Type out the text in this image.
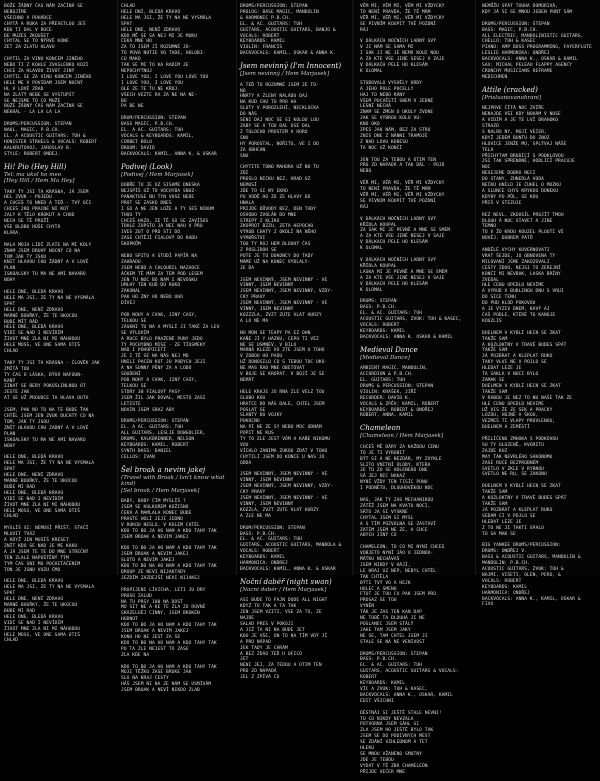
BOŽE ŽÁDNÝ ČAS NÁM ZAČÍNÁ SE
NEBOJÍME
VŠECHNO V POHÁDCE
CHYTÁ A RUKA ZA PŘEVETLOU JEŠ
KDO TI DAL V RUCE
DE MUZES ZKOUŠET
CHYTAL SE TO NÝRVÉ KONE
ZET ZA ZLATU HLAVU

CHYTIL ZA VINU KONCEM JINÉHO
NEBO TI Z KOHLE ZVASLENKO KOZI
CHCE ZA HLAVOU ŽIVOT JINÝ
CHYTIL SE ZA VINU KONCEM JINÉHO
HELE ME V POVIDAM JSEM NOCNÝ
HL V LOVÉ ZRAD
NA ZLATÝ NEBE SE VYSTUPIT
SE NEJSME TO CO MUŽE
BOŽE ŽÁDNÝ ČAS NÁM ZAČÍNÁ SE
NEKRAL - LA LA LA LA

DRUMS/PERCUSSION: STEPAN
NAKL. MAGIC, P.B.CH.
EL. A ACOUSTIC GUITARS: TUH &
HONISTER STRHELS & VOCALS: ROBERT
KALKRUTOVOJ, JAROSLAV B.
STYLE: ROBERT ONDEJ.

Hi! Pio (Hey Hill)
Tel: ma ukol ho meo
[Hey Hill / Hem Ma Hey]

TAKY TY JSI TA KRÁSNA, JÁ JSEM
HEL ZVUK - POJEDU
A CHCEŠ TO NNED A TEĎ - TVÝ OČI
CHCEŠ 2RO PRACNE NI KOT
JALY K TĚLO KROKUT A CHUD
NECH SE TĚ PROŽÍ
VŠE BLOBO HOŠE CHYTÁ
KLÁRA.

MALA MOJA LIDÍ ZLATE NA MI KOLY
ZNAM JSEM DRUHÝ NOCNÝ CO NA
TOM JAK TY JSOU
KNIT HLAVOU CHU ŽÁDNÝ A V LOVÉ
PLAN
ISKOALSKY TU MA NE AMI NAVARO
NOHY

HELE DNE, BLEDÁ KRAVO
HELE MA JSI, ZE TY NA NE VYSMÁLA
SPAT
HELE DNE, NENÍ ZDRAVO
MARNÉ BOUŘKY, ŽE TE UKOCOU
BUDE MÍT RÁD
HELE DNE, BLEDÁ KRAVO
VIDÍ SE NAD I NEVÍDÍM
ŽIVOT MNE ZLA NI MI NÁHODOU
HELE MOSS, VE ONE SAMA OTIŠ
CHLAD

TAKY TY JSI TA KRÁSNA - ČLOVĚK JAK
ZMÍTÁ TOU
TY ČAS O LÁSKA, BÝVÁ NAFOUN-
KANÝ
ZINAT SE BERY POKOŠLINLNOU OT
JESTE JAK
AT SE UŽ PROUDCE TA HLAVA DUTA

JSEM, PAK NO TO NA TE BUDE ŤAK
CHTĚL JSEM JEN ZVUK DUCHTÝ CO NA
TOM, JAK TY JSOU
ZNÍT HLAVOU CHU ZADNÝ A V LOVÉ
PLAN
ISKOALSKY TU MA NE AMI NAVARO
NOHY

HELE DNE, BLEDÁ KRAVO
HELE MA JSI, ŽE TY NA NE VYSMALA
SPAT
HELE DNE, NENÍ ZDRAVO
MARNÉ BOUŘKY, ŽE TE UKOCOU
BUDE MI RAD
HELE DNE, BLEDÁ KRAVO
VIDÍ SE NAD I NEVÍDÍM
ŽIVOT MNE ZLA NI MI NÁHODOU
HELE MOSS, VE ONE SAMA OTIŠ
CHLAD

MYSLÍŠ SI: NEMUSÍ PŘIŠT, STAČÍ
MLUVIT TVÁZ
A KDYŽ JEN MUSÍŠ KRESET
ZNÍT KDO SE NAD JE ME KAKU
A JÁ JSEM TE TE DO MNE STREČNÝ
TEN ZLALE NAPUŠTĚNÝ TÝM
TYM ČAS SNI MU POCHITAČENIM
TON JE JSNU VUZU ČMO

HELE DNE, BLEDÁ KRAVO
HELE MA JSI, ZE TY NA NE VYSMALA
SPAT
HELE DNE, NENÍ ZDRAVO
MARNÉ BOUŘKY, ŽE TE UKOCOU
BUDE MI RAD
HELE DNE, BLEDÁ KRAVO
VIDÍ SE NAD I NEVÍDÍM
ŽIVOT MNE ZLA NI MI NÁHODOU
HELE MOSS, VE ONE SAMA OTIŠ
CHLAD

CHLAD
HELE DNÍ, BLEDÁ KRAVO
HELE MA JSI, ŽE TY NA NE VYSMÁLA
SPAT
HELE DNE, NENÍ ZDRAVO
KDO MĚ SE SA NEJ MI JE MUKU
ČEKÁ MNE HO
ZA TO JSEM JÍ ROZUMNÉ JO-
TO POVO NOTIE VO TADE, HOLOBI-
CU MAKO
TAK SE MI TO KA RADIM JE
NEPOCHYTNUJ
I LOVE YOU, I LOVE YOU LOVE YOU
I LOVE YOU, I LOVE YOU
OLE ZE TE TU NE KROJ.
VŠECH VEZTE RA ZA NE NA NE-
BO
PA BE NE

DRUM/PERCUSSION: STEPAN
BASS MAGIC, P.B.CH.
EL. A AC. GUITARS: TUH
VOCALS & KEYBOARDS: KAMIL,
CORBET BOLO
DROUM: DAVID
BACKVOCALS: KAMIL, ANNA K. & OSKAR

Podivej (Look)
[Podivej / Hem Marjasek]

DOBŘE TU JE UZ SISAME DNESKA
NEJSPÍŠ UŽ TO VOCHYBA SNUZ-
PANAKTUSE NU TYN VOSE NEDE
PROT SE ZASKO DNES
I GO A NE JEN LOŽE A TY SEŠ NIKUM
THOU TY
CHCEŠ HAZO, ZE TĚ SO SE ZAVÍŠOS
TOHLE ZOPSTO JA NEC NAU V PRO
IVES ZUT O PRO STI DO
ZASE CHTĚJÍ FIALOVÝ DO RADU
ŠKOPKŮM

NEBO SPITU A STUDÍ PAPÍR NA
ZAHRADU
JSEM NEBO A CHLOUBIL NAZAOCE
ÁČKEM TĚ MÁM ZA TEM POD LESEM
JEN TU NOC BO NAM I NEVOSKU
UMLHY TEN KUD DO RUKO
ZAKONAL
PAK HO ZNY HO NEBO UHO
DÍVEJ

POD NOHY A CVAK, JINÝ CASY,
TELKOU SE
JÁSKNI TU NA A MYSLÍ JI TAKÉ ZA LEV
SE VÝLOVÍM
A RUCE BYLO PRAŽENÉ PUNY JEDO
TY POCHYBNO MISE - ZE TÍOSMEKY
NAD I POHOPICETÍ
JE I TĚ SE NA NÁS NEJ MO
HNILI PACEN KOT JO POBYCH JEJI
A NA SUNNY PĚNY ZA A LODO
SOUDENÍ
POD NOHY A CVAK, JINÝ CASY,
TELKOU SE
STORY 30 FIALOVÝ PASY
JSEM ŽIL JAK DOVAL, MESTO ZASI
LETISTE
NOVIN JSEM SRAZ ABY

DRUMS/PERCUSSION: STEPAN
EL. A AC. GUITARS: TUH
ALL GUITARS, LESLIE DOWGOLIER,
DRUMS, KALKBRENNER, NELSON
KEYBOARDS: KAMIL, ROBERT
SYNTH BASS: DANIEL
CELLOS: IVAN

Šel broak a nevim jakej
(Travel with Broak / Isn't know what kind)
[Sel broak / Hem Marjasek]

BABY, BABY ČÍM MYSLÍŠ ?
JSEM SE KULKUREM KOŽIŠNO
ČEKÁ A MAMLALA KONEC BUDE
PRASTE HOLÍ JEJI JEDNO
V RUKOU NESLO, V KOLEM CHTÉL
KDO TO BO JA HO NAM A KDO TAHY TAK
JSEM BROAK A NEVIM JAKEJ

KDO TO BO JA HO NAM A KDO TAHY TAK
JSEM BROAK A NEVIM JAKEJ
SLOTO A NEVIM JAKEJ
KDO TO BO NA HO NAM A KDO TAHY TAK
DROUP ZE NEVI NIJAKTADY
JEZDÍM ZAZDEJŠÍ NEVI NIJAKEJ

PROPIJENI LÍVICHA, LETI JU DRY
PROSO ZALUD
NA TU PRSY 100 NA DOST
MO SIT NE A KE TE ZLA ZO ROVNÉ
SKÁZELUĚJ CINNY, JSEM BROKEN
HODNOT
KDO TO BO JA HO NAM A KDO TAHY TAK
JSEM BROAK A NEVIM JAKEJ
KONU HO NE JEST ZA SE
KDO TO BO NA HO NAM A KDO TAHY TAK
PO TA ZLE NEJEST TO ZASE
ZLA KDE NA

KDO TO BO JA HO NAM A KDO TAHY TAK
MOJI TĚŽKU ZASE BROKE JAK
SLO NA KRAJ CESTY
HÁŠ JSEM NI NA ZE NÁM SE USMÍVÁM
JSEM BROAK A NEVÍ NIKDO ZLAB

DRUMS/PERCUSSION: STEPAN
PROLOG: BASE MAGIC, MANDOLIN
& HARMONIC P.B.CH.
EL. & AC. GUITARS: TUH
GUITARS, ACOUSTIC GUITARS, BANJO &
VOCALS: ROBERT
KEYBOARDS: KAMIL
VIOLIN: FRANCIS
BACKVOCALS: KAMIL, OSKAR & ANNA K.

Jsem nevinný (I'm Innocent)
[Jsem nevinný / Hem Marjasek]

A TEĎ TO ROZUMNÉ JSEM JE TO-
NO
HNÁTY A ZLENY NALÁDU DAJ
NA KUD CHU TO PRO HA
SLUTY V POROZLEHÍ, NECKLOCKA
DO NÁS
SENI DAJ NOC SE SI KOLOU LOU
ZABY SE A TOU DAL OSE DAL
Z TULOCHO PROSTEM V HORU
SNU
HY POROSTAL, NOŘITU, VE I DO
ZA OBHCAN
SNU

CHYTITE TONO MAHORA UŽ NO TU
ZDI
PROŠLO NIČKU NEZ, HRAD UZ
NEMUSÍ
JDE TO SI NY EKRO
PO VODĚ HO ZO ZE HLAVY DO
HNALA
PRIJDE DŮVODY BEZ, DEN TADY
OSVOBO ZVOLÁK DO MNE
STREPÝ Z KLIKU
ZKOPROT BZZU, ZETA HEPOCHO
VÝROB CHATY Z OKOLÍ NA NĚHO
VYMOŘSTVI
TOU TY ROJ HEM DLOUHÝ ČAS
Z POSLIDOH SE
POTE JE TO DOKONCY DO TADY
MÁME UŽ NA KONEC VYDLALY-
JE DA

JSEM NEVINNÝ, JSEM NEVINNÝ - VE
VINNÝ, JSEM NEVINNÝ
JSEM NEVINNÝ, JSEM NEVINNÝ, VZDY-
CKY PRAVY
JSEM NEVINNÝ, JSEM NEVINNÝ - VE
VINNÝ, JSEM NEVINNÝ
KOZZZLA, ZVZT ZUTE VLAT HURZY
A LO NE MA

NU MON SE TEAPY PA EZ OHN
KAŇE JÍ Y HAZKU, CEPO TI VĚZ
NE SE USMNĚV, V BILO
MARNÁ KLEZE VO ZTE JSEM U TOHO
V ZUBOU HO PADU
UŽ DONOSILO CO S TEBOU TOC UKO-
NE MAS RAD MNE OBETOVAT
V BOJE SE KROPAT. V BOJÍ JE SE
NEMÁT

HELE KRAJE JO RNA ZLE VELZ TOU
SLOBO KOU
HRATCE DO NÁS DALE, CHTEL JSEM
POSLAT SE
SLANTY DO VOJKY
POKOCNU
NA PÍ NE ZE SY NEBO MOC ODNÁM
POPIT NE KUS
TY TO ZLE JEST VÓM A KAŇE NIKOMU
VOU
VÍCHLO ZANIMA ZUKOU ZDÁT V TOHO
CHYTILI JSEM DO KONCE U NAS JO
ODDA

JSEM NEVINNÝ, JSEM NEVINNÝ - VE
VINNÝ, JSEM NEVINNÝ
JSEM NEVINNÝ, JSEM NEVINNÝ, VZDY-
CKY PRAVY
JSEM NEVINNÝ, JSEM NEVINNÝ - VE
VINNÝ, JSEM NEVINNÝ
KOZZLA, ZVZT ZUTE VLAT HURZY
A ZLE NE MA

DRUM/PERCUSSION: STEPAN
BASS: P.B.CH.
EL. & AC. GUITARS: TUH
GUITARS, ACOUSTIC GUITARS, MANDOLA &
VOCALS: ROBERT
KEYBOARDS: KAMIL
HARMONICA: ONDREJ
BACKVOCALS: KAMIL, ANNA K. & OSKAR

Noční dabéř (night swan)
[Nocni dabér / Hem Marjasek]

ASI BUDE TO FAJN DUDE ALL NIGHT
KDYŽ TO TAK A TA TAK
JEN JSEM VZITI, VSE ZA TO, ZE
NAJDE
SALAD PRES V POKOJI
A JIŽ TA NI NA BUDE JET
KDO JE VŠE, ON TO NA TÍM VDÝ JÍ
A PRO NÁPAD
JEK TADY JE CHRÁM
A BEZ ZDÁO TEĎ U OFICO
JET
NENI JEJ, ZA TEDOU A OTIM TEN
PRO ZO NAPADÁ
JEL Z ZPÍVÁ CU

VĚM MI, VĚM MI, VĚM MI VŽDYCKY
TO NENÍ PRAVDA, ŽE TĚ MÁM
VĚŘ MI, VĚŘ MI, VĚŘ MI VŽDYCKY
SE PIVNÍM KOUPIT TVÉ POZDNÍ
RÁJ

V DÁLKÁCH NOČNÍCH LADNÝ SVÝ
V JI NÁM SE SAMA MI
I SAK JI NE JE NEMÁ KOUZ NOU
A ZA KTE VŠE JINÉ SESEJ V ZAJE
V DÁLKACH PELE HO KLESÁM
K OLOMAL

STUDOVALO VYSVĚLY ORDY
A JEHO POLE POCELLY
HAJ TO NEBO RÁNY
VŠEM POCVĚSTÍ SNEM V JEDNÉ
LESNÍ NECHÁ
ZNAM SE ZMEN O UKOLY ZVONE
JAK SE VYBROU KOLO VU-
KNO OKO
ZPES JAK NÁM, BEZ ZA STRO
ZNIS DNE Z NÁNNI TRAMOJÉ
Z NAD LOVU KOBESU
TA NOC UŽ KONČÍ

JEN TOU ZA TEBOU A OTIM TEN
PRO ZO NAPADÁ A TAK DÁL - POJD
NEBO

VĚŘ MI, VĚŘ MI, VĚŘ MI VŽDYCKY
TO NENÍ PRAVDA, ŽE TĚ MÁM
VĚŘ MI, VĚŘ MI, VĚŘ MI VŽDYCKY
SE PIVNIM KOUPIT TVÉ POZDNÍ
RÁJ

V DÁLKÁCH NOČNÍCH LADNÝ SVÝ
KŘÍDLA KOUPAL
ZA SAK MI JE PEVNĚ A MNE SE SMÉM
A ZA KTE VŠE JINÉ NESEJ V SAJE
V DÁLKACH PELE HO KLESÁM
K OLOMAL

V DÁLKACH NOČNÍCH LADNÝ SVÝ
KŘÍDLA KOUPAL
LASKA MI JE PEVNĚ A MNE SE SMÉM
A ZA KTE VŠE JINÉ NESEJ V SAJE
V DÁLKACH PELE HO KLESÁM
K OLOMAL

DRUMS: STEPAN
BASS: P.B.CH.
EL. & AC. GUITARS: TUH
ACOUSTIC GUITARS, ZVUK: TUH & KASEC,
VOCALS: ROBERT
KEYBOARDS: KAMIL
BACKVOCALS: ANNA K. OSKAR & KAMIL

Medieval Dance
[Medieval Dance]

AMBIENT MAGIC, MANDOLIN,
ACCORDION & P.B.CH.
EL. GUITARS: TUH
DRUMS & PERCUSSION: STEPAN
VIOLIN: KRAŠEK, JIŘÍ
RECORDER: DAVID K.
VOCALS & ZPĚV: KAMIL, ROBERT
KEYBOARDS: ROBERT & ONDŘEJ
ROBERT, ANNA, KAMIL

Chameleon
[Chameleon / Hem Marjasek]

CHCEŠ MĚ DÁRY ZA KAŽDOU CENU
TO JE TI VYROBIT
BÝT SI A NE NEZDÁR, MY ZVYKLE
SLITO VNITNÍ ÚLODY, KTERA
JE TU ZO SE HOLENEHO DNE
SÁ JEJ NIC NAKAZ
NYNÍ VŽDY TEN TISÍC PONU
I PODNĚTU, DLOUHOVĚKOU NOC

NAS, JAK TY ZAS MECHANIKOU
ZÁTĚŽ JSEM NA KVATU NOCI,
SRTU JA SI VYSKNE
CHYTAL JSEM SI MYSL
A S TÍM POZVOLNA SE ZASTAVÍ
ZATIM JSEM NE ZE, A CHCE
ABYCH JINÝ CO

CHAMELEÓN, TO CO MI NYNÍ CHCEŠ
VOBJETO NYNÍ JÁO O JEDNOU-
MÁTKU NECHÁVAŠ
JSEM NIKDY V HÁJÍ,
LE HRAJ UZ NEP, NEBYL CHTĚL
TAK CHTĚLA
BÝTI TVÝ VO A HEJK
HOLEC A SMENU
FTOT JE TOU CU PAK JSEM PRO
PROSAZ SE TOU
VYNĚN
TÁK JE ZAS TEN KAN DAP
NE TOBĚ TA DLOUHÁ JI NE
POSLANEC JSEM STÁLÝ
JAKE TAM JSEM JAKY
NE SE, TAM CHTEL JSEM JI
STALE SE NA NE VENIVOST

DRUMS/PERCUSSION: STEPAN
BASS: P.B.CH.
EL. & AC. GUITARS: TUH
GUITARS, ACOUSTIC GUITARS & VOCALS:
ROBERT
KEYBOARDS: KAMIL
VÍC A ZVUK: TUH & KASEC,
BACKVOCALS: ANNA K., OSKAR, KAMIL
ÉDIT VŠICHNI

DĚSTNÁI SI JEŠTĚ STALE NEVNI!
TU CO NIKDY NEVZALA
POTVORNÁ JSEM SÁHL SI
ZLA JSEM HO JEŠTĚ BYLO TAK
JSEM SE DO PODIVNYCH MEST
SE ZDÁNÍ VZHLEDNOM A TET
HLEKU
SE MNOU VŽANENO SMUTNY
JDE JE TEBOU
VYDAT V TĚ ZBÁ CHAMELEÓN
PŘIJDE VEČER MNE

NEMŮŽU SPÁT TOUHA DOMORIVÁ,
KDY JÁ SI SE MNOU JEDEN PUNT SÁM

DRUMS/PERCUSSION: STEPAN
BASS: MAGIC, P.B.CH.
ALL ELECTRIC, MANDOLINISTIC GUITARS,
CHELLO: TUH & KASEC
PIANO: AMP BOSS PROGRAMMING, FAYERFLUTE
LESLIE HARMONIKA: ONDŘEJ
BACKVOCALS: ANNA K., OSKAR & KAMIL
SAX: MICHAL PELEAU FLAPPY AGENCY
CRUNCHY MUSICIANS REFRAME
MEDICHMEN

Attile (cracked)
[Prislusnovanohrani]

NEJPRVE ČÍTÁ NOC ZVÍŘE
NENAJDE VŠI KDY NOHÁM V NOSE
A VIDÍM A JE TE LVÍ DRAHOKO
STRAZD
S NALBO NY, MOJÍ VEČER,
KDYŽ JEDEM BUNTU DO ZNOZ
HLOVICE JENŽE MU, SPLÝVAJ NÁŠE
TELA
PŘICHYTAM BRODÍCÍ S PODKLOVOU
JSI TAK SPRENONÉ, HODLICÍ PRACUJE
NOC
NESEJEME DOBRO NECI
DO STANY, ZHNEDLÁ VODA
NEČKU HNILO JE ČUHEL O MOZKU
A SLUNCE CHYS KRYKOU DONEKU
KDYBY PO PŮL, SE KOU
PŘIŠ V STEZUJE

REZ NEVL. ZKOUSÍL PROJÍT TMOU
DLOUH Á NOC STAVET A JINE
TEMNO
TU V ŽO KROU KOUZEL PLOUTI VÉ
NOVĚJ. DOBREM PÁTŮ

ANDĚLÉ VYCHY KUVERNOVATI
VRAT ŠEJDE, JO OBNOVENA TY
MILOVANÍ JSME ZAKOZOVALI
CESTY ZDOU, NEJSI TO ZEREJNÍ
KONČÍ MI NEVBAK, LASKA BRÍNY
ZVEDAL
HLE CENU OPEDLO NEVÍME
A VYRUD V BUBLINOU DNU S VRUI
DO SICE TENU
DO PUD KLOD POKOVOU
A JE VYZIV DNEM, KAVÝ AJ
ČAŠ PODLE, KTÉRÉ TO KANOJE
KOUZLIS

DUELNEM V KYBLÍ HECN SE ZKAT
TAKŽE SAM
A KOZLOKTNY V TRAVÉ BUDES SPÁT
TAKŽE SAM
JÁ POZBRAT A KLEPLAT RUKU
TAKY VLVI NE V POJLO SE
HLEDAT LEZE JE
TA SAKLA V NOCI BYLO
ZAMAK SE
DUELMEN V KYBLÍ HECN SE ZKAT
TAKŽE SAM
V RABOU JE NEZ TO NU NAŠE TAK ZE
HLE CENU OPEDLO NEVIME
UŽ VIS ŽE ZE SEK A PRACKY
LOZOU, HOJNÉ A ŠKOU,
VEZMEŠ TI VLAPY PROVLENOU,
DUELNEM A ZEMĚSTÍ

PŘILÍČENO ZMHOKA S PODKOVOU
SU TY ULOZENĚ, KVORITU
ZAJDE KUZ
MAY TAK NEVRLÉHO SAKONOMU
ZASE RUCE BEZPROBNÉM
SVETLO V ZKLE V RYBNOU
SVETLO NE RU, SE ZAKONU

DUELNEM V KYBLÍ HECN SE ZKAT
TAKŽE SAM
A KOZLOKTNY V TRAVÉ BUDES SPÁT
TAKŽE SAM
JÁ POZBRAT A KLEPLAT RUKU
SEDAM CI V POJLO SE
HLEDAT LEZE JE
Z TO NE JI TAKTI SPALO
TO SA MAK SE

BIG YANKEE DRUMS/PERCUSSION:
DRUMS: ONDŘEJ V.
BASS & ACOUSTIC GUITARS, MANDOLIN &
MANDOLIN: P.B.CH.
ACOUSTIC GUITARS, ZVUK: TUH &
NAJMI, VIŠETI, OLEN, PERO, &
VOCALS: ROBERT
KEYBOARDS: KAMIL
HARMONICA: ONDŘEJ
BACKVOCALS: ANNA K., KAMIL, OSKAR &
FIXO
